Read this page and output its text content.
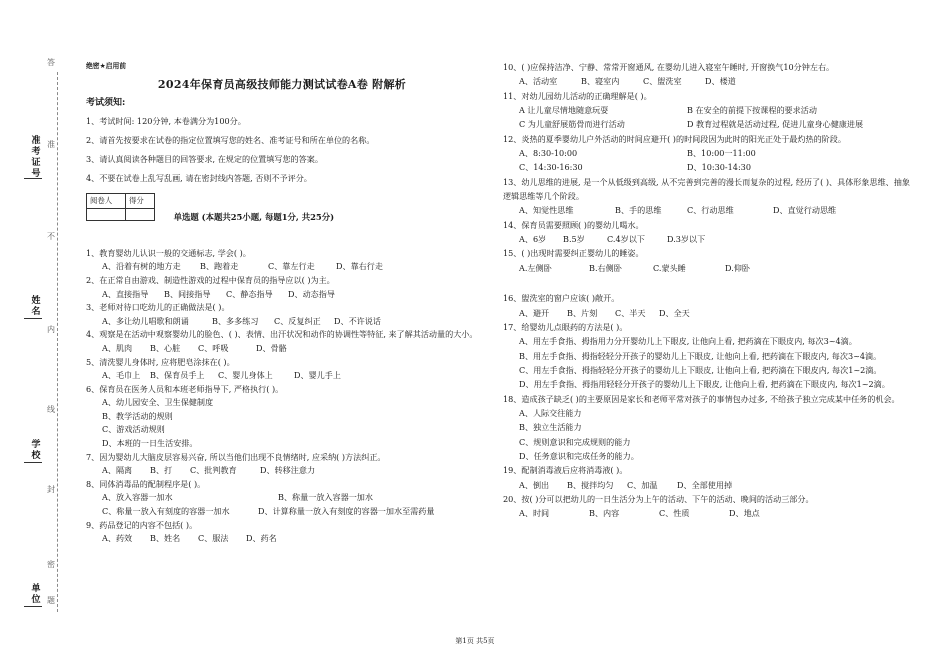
答
准
不
内
线
封
密
题
准考证号
姓名
学校
单位

绝密★启用前

2024年保育员高级技师能力测试试卷A卷 附解析

考试须知:

1、考试时间: 120分钟, 本卷满分为100分。

2、请首先按要求在试卷的指定位置填写您的姓名、准考证号和所在单位的名称。

3、请认真阅读各种题目的回答要求, 在规定的位置填写您的答案。

4、不要在试卷上乱写乱画, 请在密封线内答题, 否则不予评分。

阅卷人	得分
	单选题 (本题共25小题, 每题1分, 共25分)

1、教育婴幼儿认识一般的交通标志, 学会( )。

A、沿着有树的地方走 B、跑着走	C、靠左行走	D、靠右行走

2、在正常自由游戏、制造性游戏的过程中保育员的指导应以( )为主。

A、直接指导 B、间接指导 C、静态指导 D、动态指导

3、老师对待口吃幼儿的正确做法是( )。

A、多让幼儿唱歌和朗诵	B、多多练习 C、反复纠正 D、不许说话

4、观察是在活动中观察婴幼儿的脸色、( )、表情、出汗状况和动作的协调性等特征, 来了解其活动量的大小。

A、肌肉 B、心脏 C、呼吸	D、骨骼

5、清洗婴儿身体时, 应将肥皂涂抹在( )。

A、毛巾上 B、保育员手上 C、婴儿身体上	D、婴儿手上

6、保育员在医务人员和本班老师指导下, 严格执行( )。

A、幼儿园安全、卫生保健制度

B、教学活动的规则

C、游戏活动规则

D、本班的一日生活安排。

7、因为婴幼儿大脑皮层容易兴奋, 所以当他们出现不良情绪时, 应采纳( )方法纠正。

A、隔离 B、打 C、批判教育	D、转移注意力

8、同体消毒品的配制程序是( )。

A、放入容器一加水	B、称量一放入容器一加水

C、称量一放入有刻度的容器一加水	D、计算称量一放入有刻度的容器一加水至需药量

9、药品登记的内容不包括( )。

A、药效 B、姓名 C、服法 D、药名

10、( )应保持洁净、宁静、常常开窗通风, 在婴幼儿进入寝室午睡时, 开窗换气10分钟左右。

A、活动室	B、寝室内	C、盥洗室	D、楼道

11、对幼儿园幼儿活动的正确理解是( )。

A 让儿童尽情地随意玩耍	B 在安全的前提下按课程的要求活动

C 为儿童舒展筋骨而进行活动	D 教育过程就是活动过程, 促进儿童身心健康进展

12、炎热的夏季婴幼儿户外活动的时间应避开( )的时间段因为此时的阳光正处于最灼热的阶段。

A、8:30-10:00	B、10:00一11:00

C、14:30-16:30	D、10:30-14:30

13、幼儿思维的进展, 是一个从低级到高级, 从不完善到完善的漫长而复杂的过程, 经历了( )、具体形象思维、抽象逻辑思维等几个阶段。

A、知觉性思维	B、手的思维	C、行动思维	D、直觉行动思维

14、保育员需要照顾( )的婴幼儿喝水。

A、6岁 B.5岁	C.4岁以下	D.3岁以下

15、( )出现时需要纠正婴幼儿的睡姿。

A.左侧卧	B.右侧卧	C.蒙头睡	D.仰卧

16、盥洗室的窗户应该( )敞开。

A、避开 B、片刻 C、半天 D、全天

17、给婴幼儿点眼药的方法是( )。

A、用左手食指、拇指用力分开婴幼儿上下眼皮, 让他向上看, 把药滴在下眼皮内, 每次3~4滴。

B、用左手食指、拇指轻轻分开孩子的婴幼儿上下眼皮, 让他向上看, 把药滴在下眼皮内, 每次3~4滴。

C、用左手食指、拇指轻轻分开孩子的婴幼儿上下眼皮, 让他向上看, 把药滴在下眼皮内, 每次1~2滴。

D、用左手食指、拇指用轻轻分开孩子的婴幼儿上下眼皮, 让他向上看, 把药滴在下眼皮内, 每次1~2滴。

18、造成孩子缺乏( )的主要原因是家长和老师平常对孩子的事情包办过多, 不给孩子独立完成某中任务的机会。

A、人际交往能力

B、独立生活能力

C、规则意识和完成规则的能力

D、任务意识和完成任务的能力。

19、配制消毒液后应将消毒液( )。

A、倒出 B、搅拌均匀 C、加温 D、全部使用掉

20、按( )分可以把幼儿的一日生活分为上午的活动、下午的活动、晚间的活动三部分。

A、时间	B、内容	C、性质	D、地点

第1页 共5页
